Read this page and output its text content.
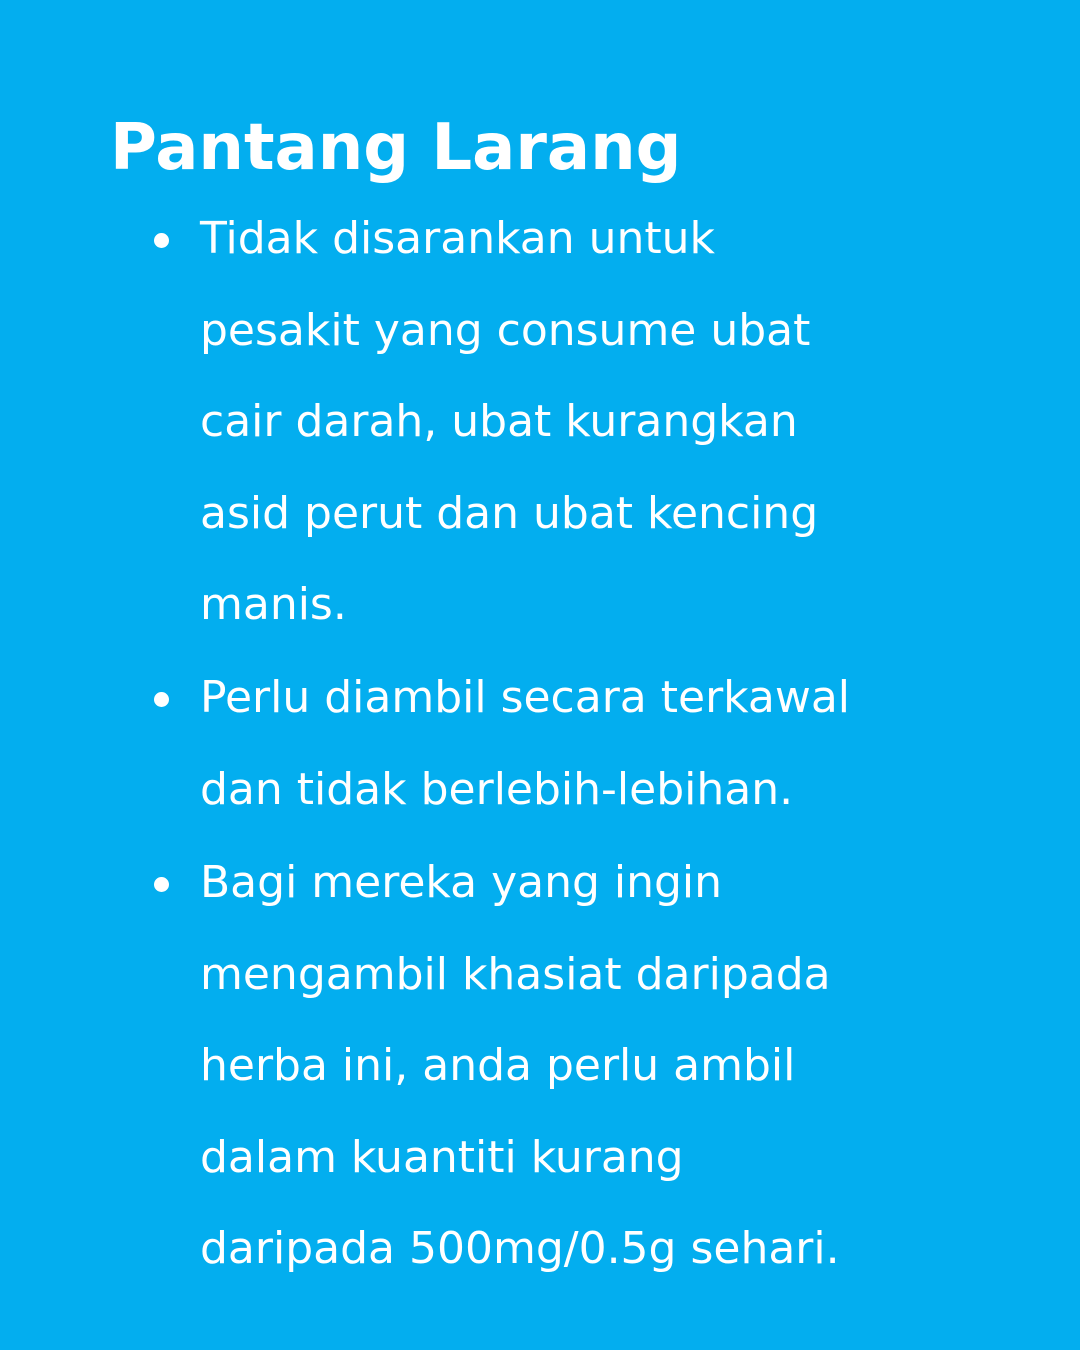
Pantang Larang
Tidak disarankan untuk
pesakit yang consume ubat
cair darah, ubat kurangkan
asid perut dan ubat kencing
manis.
Perlu diambil secara terkawal
dan tidak berlebih-lebihan.
Bagi mereka yang ingin
mengambil khasiat daripada
herba ini, anda perlu ambil
dalam kuantiti kurang
daripada 500mg/0.5g sehari.
